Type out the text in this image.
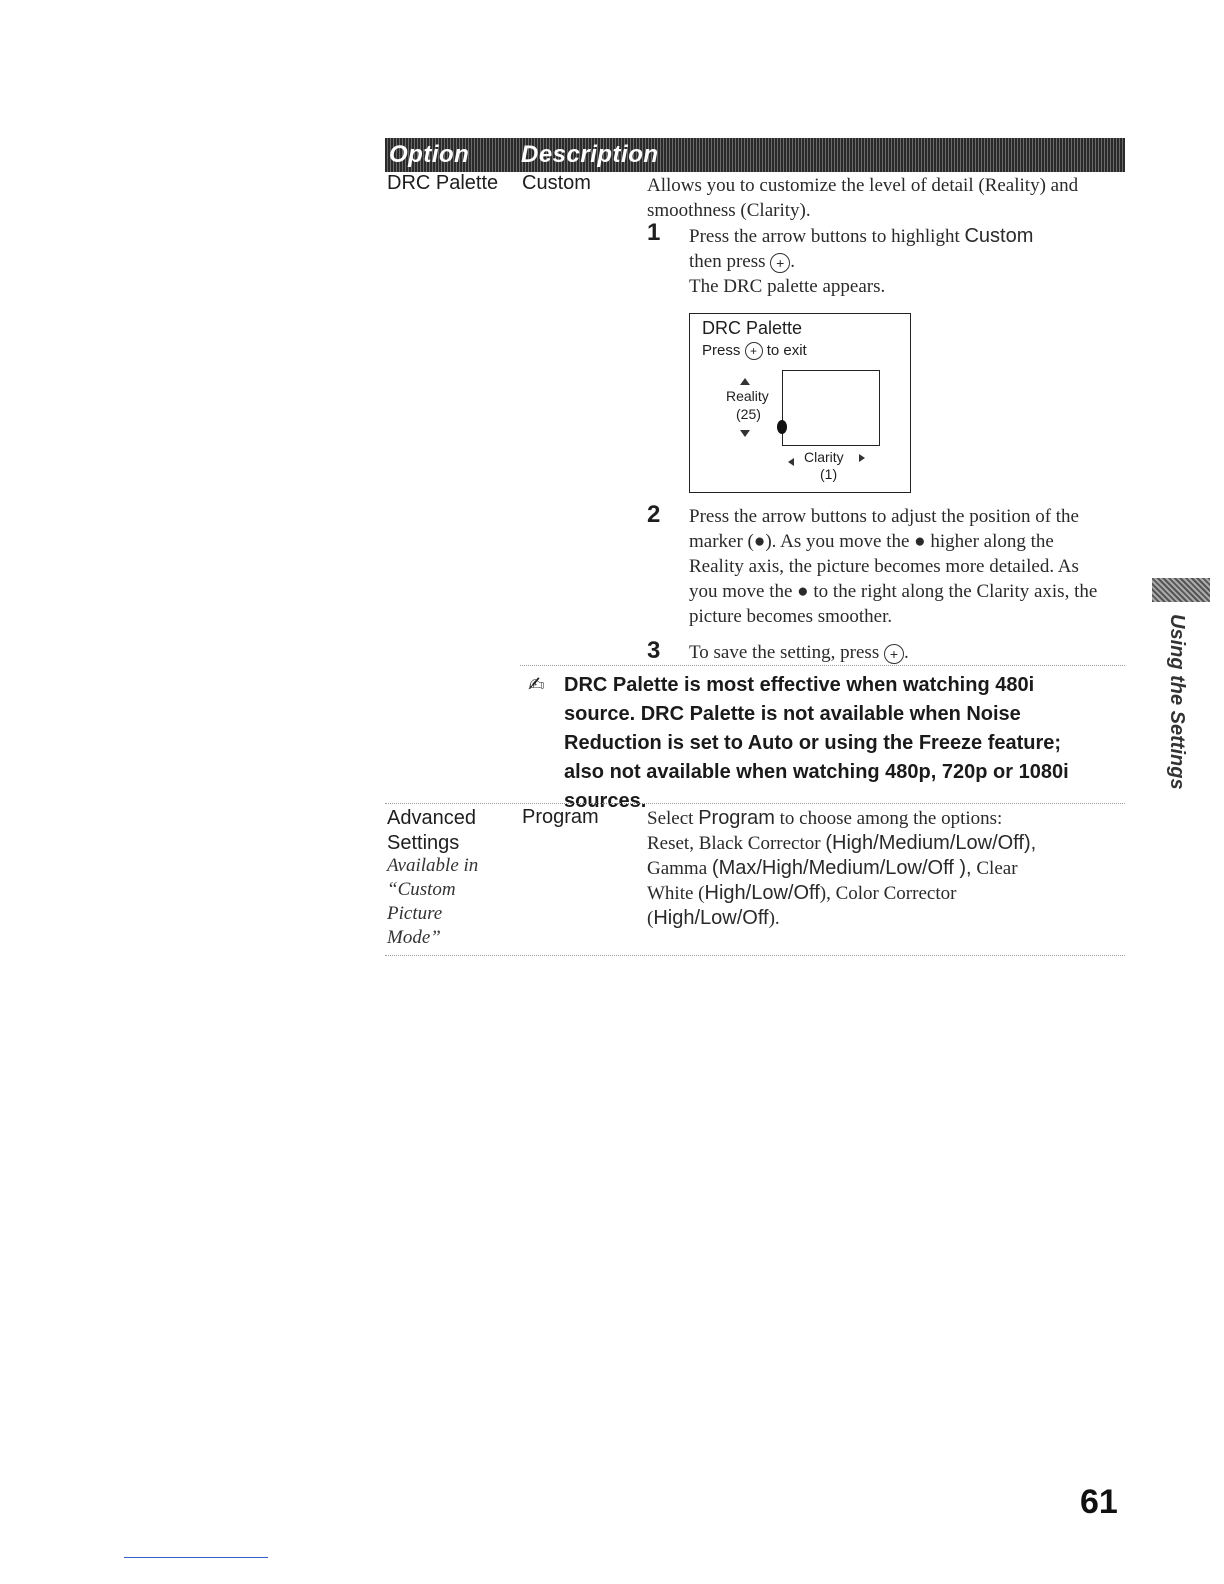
Option Description
DRC Palette Custom	Allows you to customize the level of detail (Reality) and smoothness (Clarity).
1 Press the arrow buttons to highlight Custom
then press + .
The DRC palette appears.
DRC Palette
Press + to exit
Reality
(25)
Clarity
(1)
2 Press the arrow buttons to adjust the position of the marker (●). As you move the ● higher along the Reality axis, the picture becomes more detailed. As you move the ● to the right along the Clarity axis, the picture becomes smoother.
3 To save the setting, press + .
✍ DRC Palette is most effective when watching 480i source. DRC Palette is not available when Noise Reduction is set to Auto or using the Freeze feature; also not available when watching 480p, 720p or 1080i sources.
Advanced
Settings
Available in
“Custom
Picture
Mode”
Program	Select Program to choose among the options:
Reset, Black Corrector (High/Medium/Low/Off),
Gamma (Max/High/Medium/Low/Off ), Clear
White (High/Low/Off), Color Corrector
(High/Low/Off).
Using the Settings
61
